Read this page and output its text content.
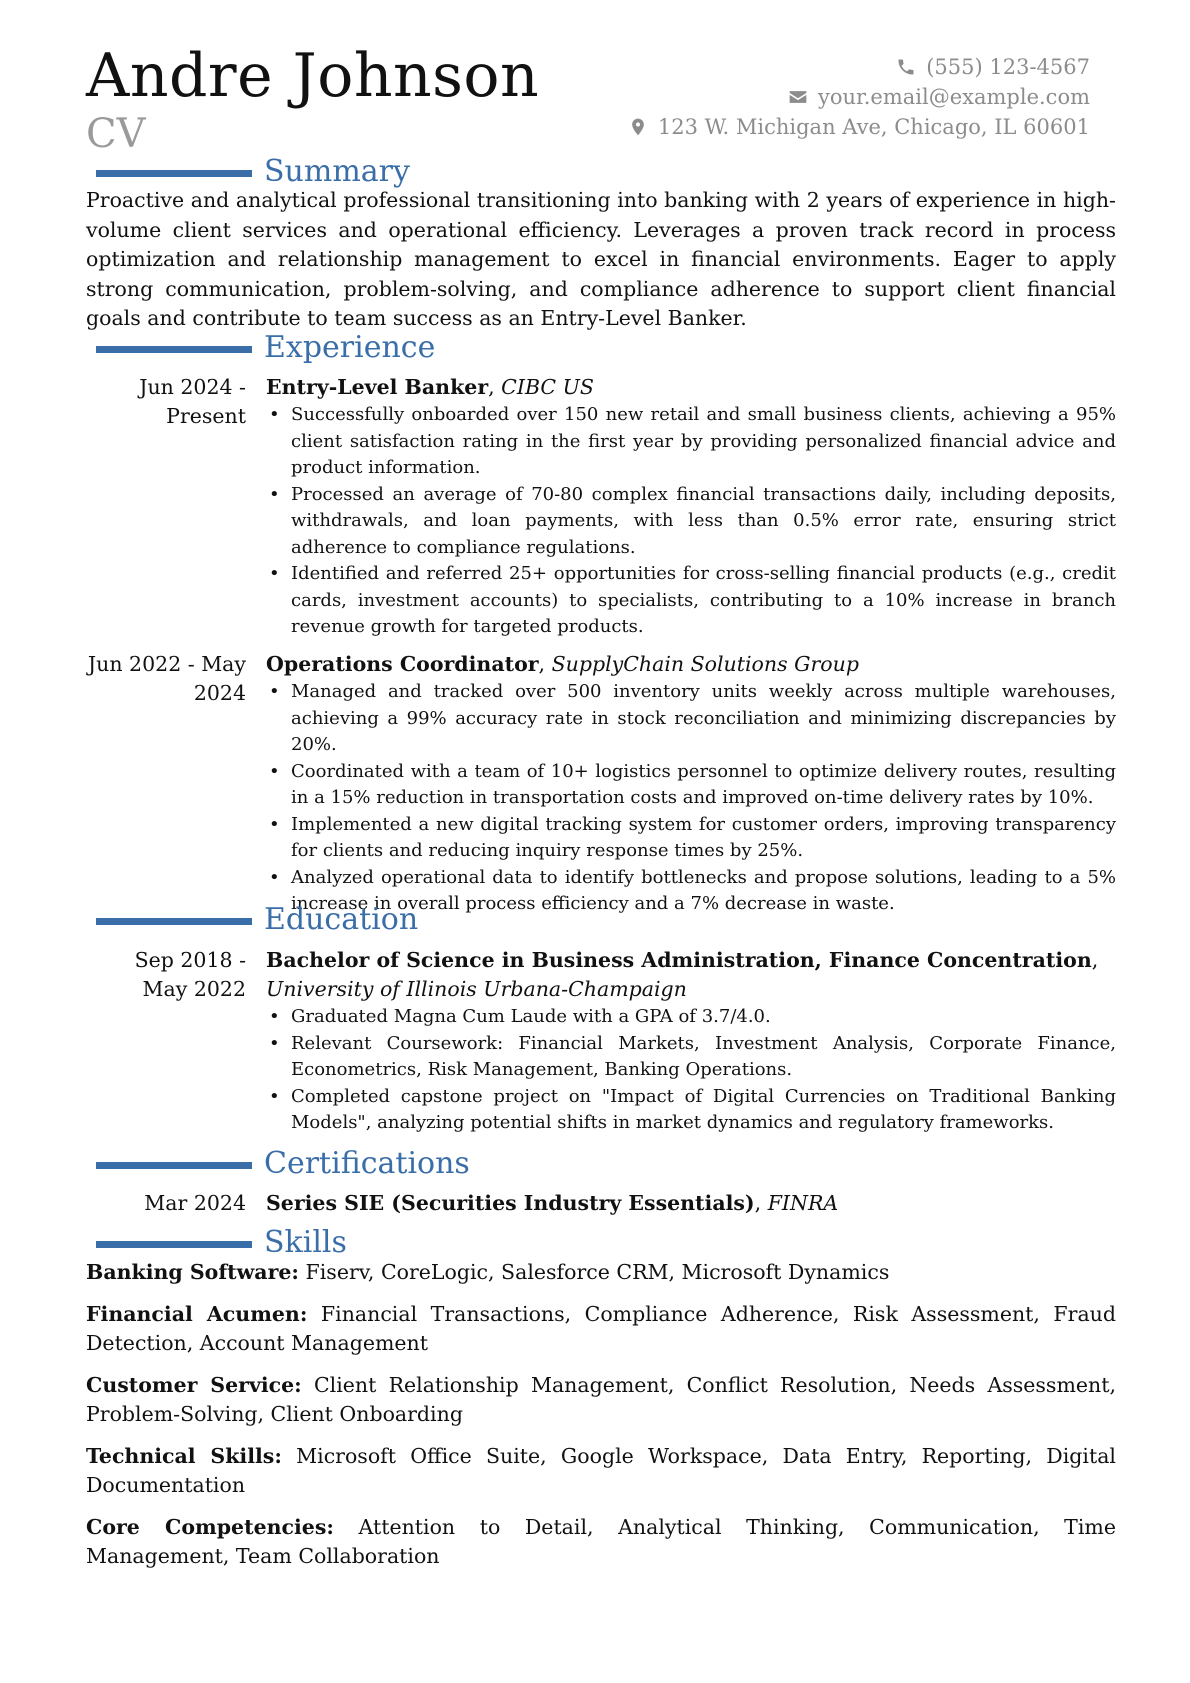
Andre Johnson
CV
(555) 123-4567
your.email@example.com
123 W. Michigan Ave, Chicago, IL 60601
Summary

Proactive and analytical professional transitioning into banking with 2 years of experience in high-volume client services and operational efficiency. Leverages a proven track record in process optimization and relationship management to excel in financial environments. Eager to apply strong communication, problem-solving, and compliance adherence to support client financial goals and contribute to team success as an Entry-Level Banker.

Experience
Jun 2024 - Present
Entry-Level Banker, CIBC US
• Successfully onboarded over 150 new retail and small business clients, achieving a 95% client satisfaction rating in the first year by providing personalized financial advice and product information.
• Processed an average of 70-80 complex financial transactions daily, including deposits, withdrawals, and loan payments, with less than 0.5% error rate, ensuring strict adherence to compliance regulations.
• Identified and referred 25+ opportunities for cross-selling financial products (e.g., credit cards, investment accounts) to specialists, contributing to a 10% increase in branch revenue growth for targeted products.
Jun 2022 - May 2024
Operations Coordinator, SupplyChain Solutions Group
• Managed and tracked over 500 inventory units weekly across multiple warehouses, achieving a 99% accuracy rate in stock reconciliation and minimizing discrepancies by 20%.
• Coordinated with a team of 10+ logistics personnel to optimize delivery routes, resulting in a 15% reduction in transportation costs and improved on-time delivery rates by 10%.
• Implemented a new digital tracking system for customer orders, improving transparency for clients and reducing inquiry response times by 25%.
• Analyzed operational data to identify bottlenecks and propose solutions, leading to a 5% increase in overall process efficiency and a 7% decrease in waste.
Education
Sep 2018 - May 2022
Bachelor of Science in Business Administration, Finance Concentration,
University of Illinois Urbana-Champaign
• Graduated Magna Cum Laude with a GPA of 3.7/4.0.
• Relevant Coursework: Financial Markets, Investment Analysis, Corporate Finance, Econometrics, Risk Management, Banking Operations.
• Completed capstone project on "Impact of Digital Currencies on Traditional Banking Models", analyzing potential shifts in market dynamics and regulatory frameworks.
Certifications
Mar 2024 Series SIE (Securities Industry Essentials), FINRA
Skills

Banking Software: Fiserv, CoreLogic, Salesforce CRM, Microsoft Dynamics

Financial Acumen: Financial Transactions, Compliance Adherence, Risk Assessment, Fraud Detection, Account Management

Customer Service: Client Relationship Management, Conflict Resolution, Needs Assessment, Problem-Solving, Client Onboarding

Technical Skills: Microsoft Office Suite, Google Workspace, Data Entry, Reporting, Digital Documentation

Core Competencies: Attention to Detail, Analytical Thinking, Communication, Time Management, Team Collaboration
